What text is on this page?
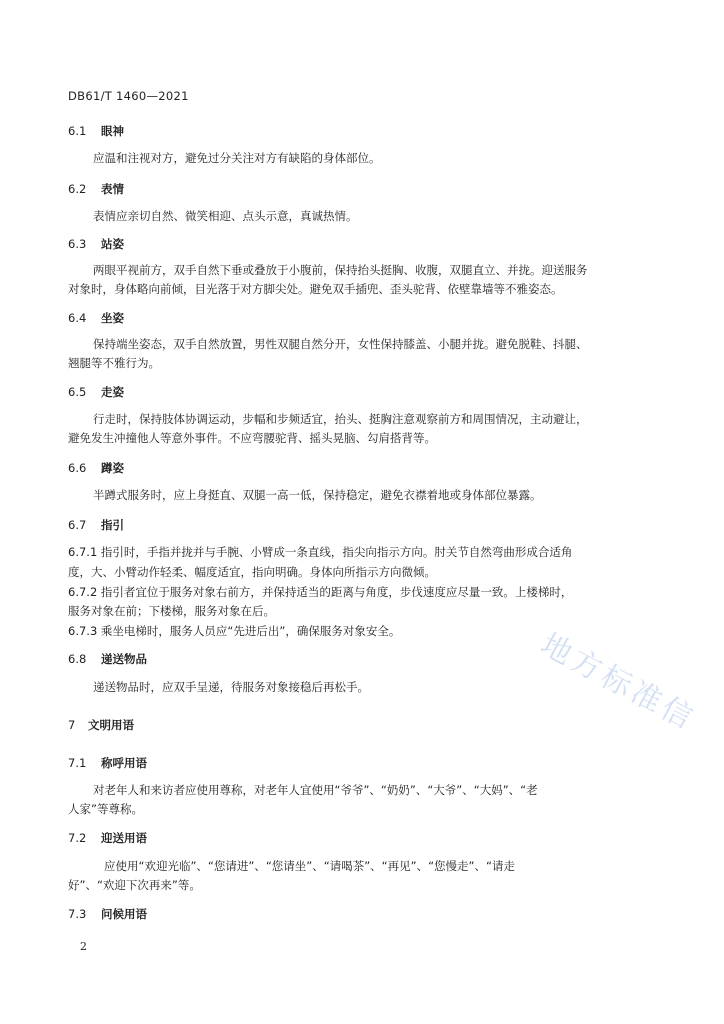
DB61/T 1460—2021
6.1 眼神
应温和注视对方，避免过分关注对方有缺陷的身体部位。
6.2 表情
表情应亲切自然、微笑相迎、点头示意，真诚热情。
6.3 站姿
两眼平视前方，双手自然下垂或叠放于小腹前，保持抬头挺胸、收腹，双腿直立、并拢。迎送服务
对象时，身体略向前倾，目光落于对方脚尖处。避免双手插兜、歪头驼背、依壁靠墙等不雅姿态。
6.4 坐姿
保持端坐姿态，双手自然放置，男性双腿自然分开，女性保持膝盖、小腿并拢。避免脱鞋、抖腿、
翘腿等不雅行为。
6.5 走姿
行走时，保持肢体协调运动，步幅和步频适宜，抬头、挺胸注意观察前方和周围情况，主动避让，
避免发生冲撞他人等意外事件。不应弯腰驼背、摇头晃脑、勾肩搭背等。
6.6 蹲姿
半蹲式服务时，应上身挺直、双腿一高一低，保持稳定，避免衣襟着地或身体部位暴露。
6.7 指引
6.7.1 指引时，手指并拢并与手腕、小臂成一条直线，指尖向指示方向。肘关节自然弯曲形成合适角
度，大、小臂动作轻柔、幅度适宜，指向明确。身体向所指示方向微倾。
6.7.2 指引者宜位于服务对象右前方，并保持适当的距离与角度，步伐速度应尽量一致。上楼梯时，
服务对象在前；下楼梯，服务对象在后。
6.7.3 乘坐电梯时，服务人员应“先进后出”，确保服务对象安全。
6.8 递送物品
递送物品时，应双手呈递，待服务对象接稳后再松手。
7 文明用语
7.1 称呼用语
对老年人和来访者应使用尊称，对老年人宜使用“爷爷”、“奶奶”、“大爷”、“大妈”、“老
人家”等尊称。
7.2 迎送用语
应使用“欢迎光临”、“您请进”、“您请坐”、“请喝茶”、“再见”、“您慢走”、“请走
好”、“欢迎下次再来”等。
7.3 问候用语
2
地方标准信
